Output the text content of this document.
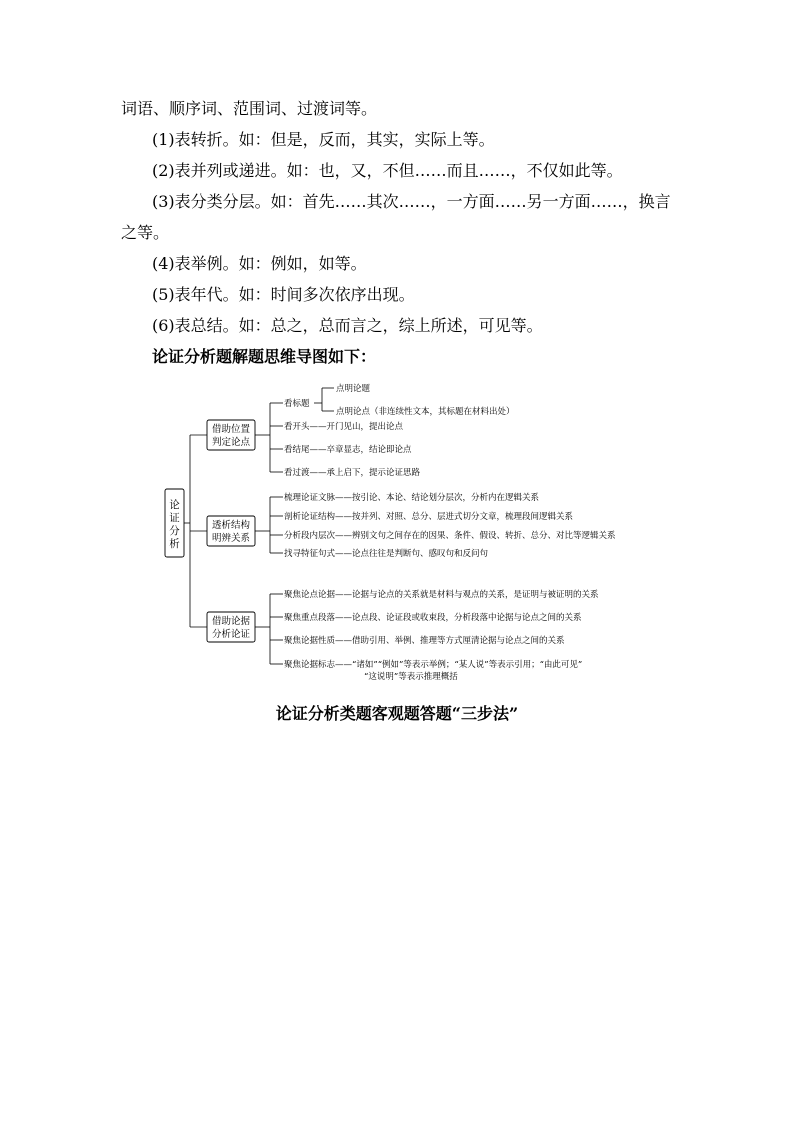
词语、顺序词、范围词、过渡词等。
(1)表转折。如：但是，反而，其实，实际上等。
(2)表并列或递进。如：也，又，不但……而且……，不仅如此等。
(3)表分类分层。如：首先……其次……，一方面……另一方面……，换言
之等。
(4)表举例。如：例如，如等。
(5)表年代。如：时间多次依序出现。
(6)表总结。如：总之，总而言之，综上所述，可见等。
论证分析题解题思维导图如下：
论
证
分
析
借助位置
判定论点
看标题
点明论题
点明论点（非连续性文本，其标题在材料出处）
看开头——开门见山，提出论点
看结尾——卒章显志，结论即论点
看过渡——承上启下，提示论证思路
透析结构
明辨关系
梳理论证文脉——按引论、本论、结论划分层次，分析内在逻辑关系
剖析论证结构——按并列、对照、总分、层进式切分文章，梳理段间逻辑关系
分析段内层次——辨别文句之间存在的因果、条件、假设、转折、总分、对比等逻辑关系
找寻特征句式——论点往往是判断句、感叹句和反问句
借助论据
分析论证
聚焦论点论据——论据与论点的关系就是材料与观点的关系，是证明与被证明的关系
聚焦重点段落——论点段、论证段或收束段，分析段落中论据与论点之间的关系
聚焦论据性质——借助引用、举例、推理等方式厘清论据与论点之间的关系
聚焦论据标志——“诸如”“例如”等表示举例；“某人说”等表示引用；“由此可见”
“这说明”等表示推理概括
论证分析类题客观题答题“三步法”
